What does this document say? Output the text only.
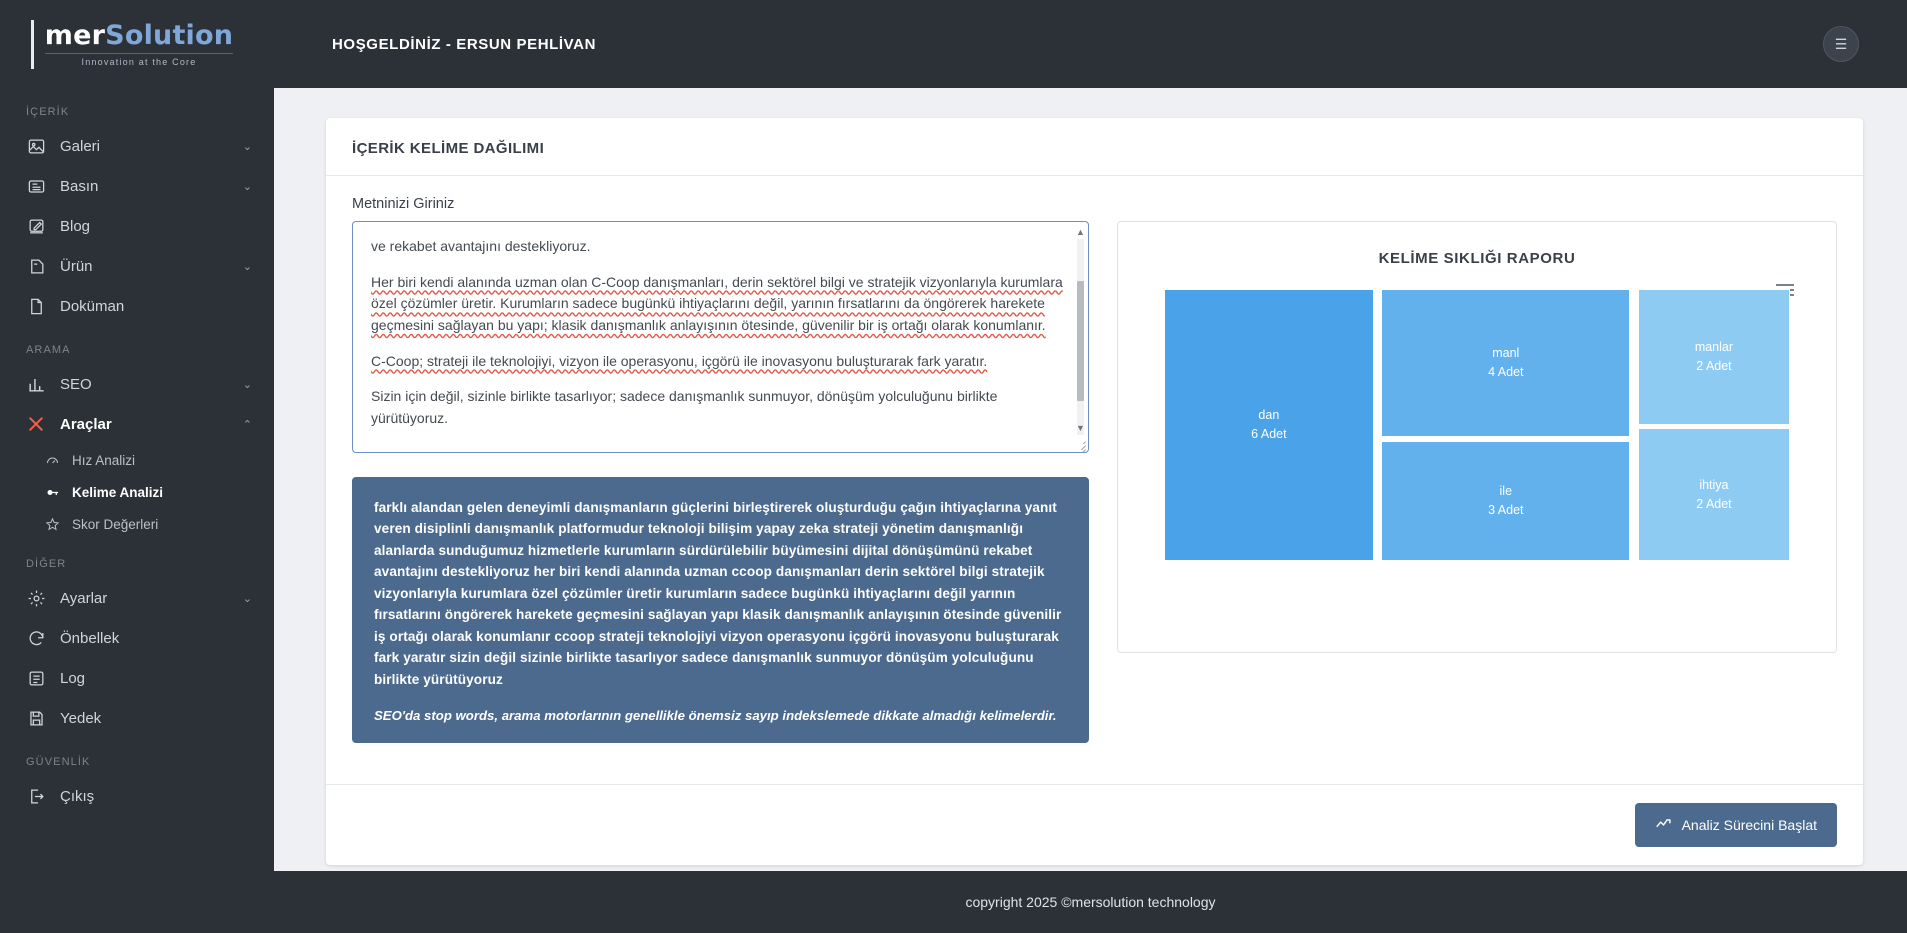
merSolution
Innovation at the Core
İÇERİK
Galeri	⌄
Basın	⌄
Blog
Ürün	⌄
Doküman
ARAMA
SEO	⌄
Araçlar	⌃
Hız Analizi
Kelime Analizi
Skor Değerleri
DİĞER
Ayarlar	⌄
Önbellek
Log
Yedek
GÜVENLİK
Çıkış
HOŞGELDİNİZ - ERSUN PEHLİVAN	☰
İÇERİK KELİME DAĞILIMI
Metninizi Giriniz

ve rekabet avantajını destekliyoruz.

Her biri kendi alanında uzman olan C-Coop danışmanları, derin sektörel bilgi ve stratejik vizyonlarıyla kurumlara özel çözümler üretir. Kurumların sadece bugünkü ihtiyaçlarını değil, yarının fırsatlarını da öngörerek harekete geçmesini sağlayan bu yapı; klasik danışmanlık anlayışının ötesinde, güvenilir bir iş ortağı olarak konumlanır.

C-Coop; strateji ile teknolojiyi, vizyon ile operasyonu, içgörü ile inovasyonu buluşturarak fark yaratır.

Sizin için değil, sizinle birlikte tasarlıyor; sadece danışmanlık sunmuyor, dönüşüm yolculuğunu birlikte yürütüyoruz.

▲
▼
farklı alandan gelen deneyimli danışmanların güçlerini birleştirerek oluşturduğu çağın ihtiyaçlarına yanıt veren disiplinli danışmanlık platformudur teknoloji bilişim yapay zeka strateji yönetim danışmanlığı alanlarda sunduğumuz hizmetlerle kurumların sürdürülebilir büyümesini dijital dönüşümünü rekabet avantajını destekliyoruz her biri kendi alanında uzman ccoop danışmanları derin sektörel bilgi stratejik vizyonlarıyla kurumlara özel çözümler üretir kurumların sadece bugünkü ihtiyaçlarını değil yarının fırsatlarını öngörerek harekete geçmesini sağlayan yapı klasik danışmanlık anlayışının ötesinde güvenilir iş ortağı olarak konumlanır ccoop strateji teknolojiyi vizyon operasyonu içgörü inovasyonu buluşturarak fark yaratır sizin değil sizinle birlikte tasarlıyor sadece danışmanlık sunmuyor dönüşüm yolculuğunu birlikte yürütüyoruz
SEO'da stop words, arama motorlarının genellikle önemsiz sayıp indekslemede dikkate almadığı kelimelerdir.
KELİME SIKLIĞI RAPORU
dan
6 Adet
manl
4 Adet
ile
3 Adet
manlar
2 Adet
ihtiya
2 Adet
Analiz Sürecini Başlat
copyright 2025 ©mersolution technology
